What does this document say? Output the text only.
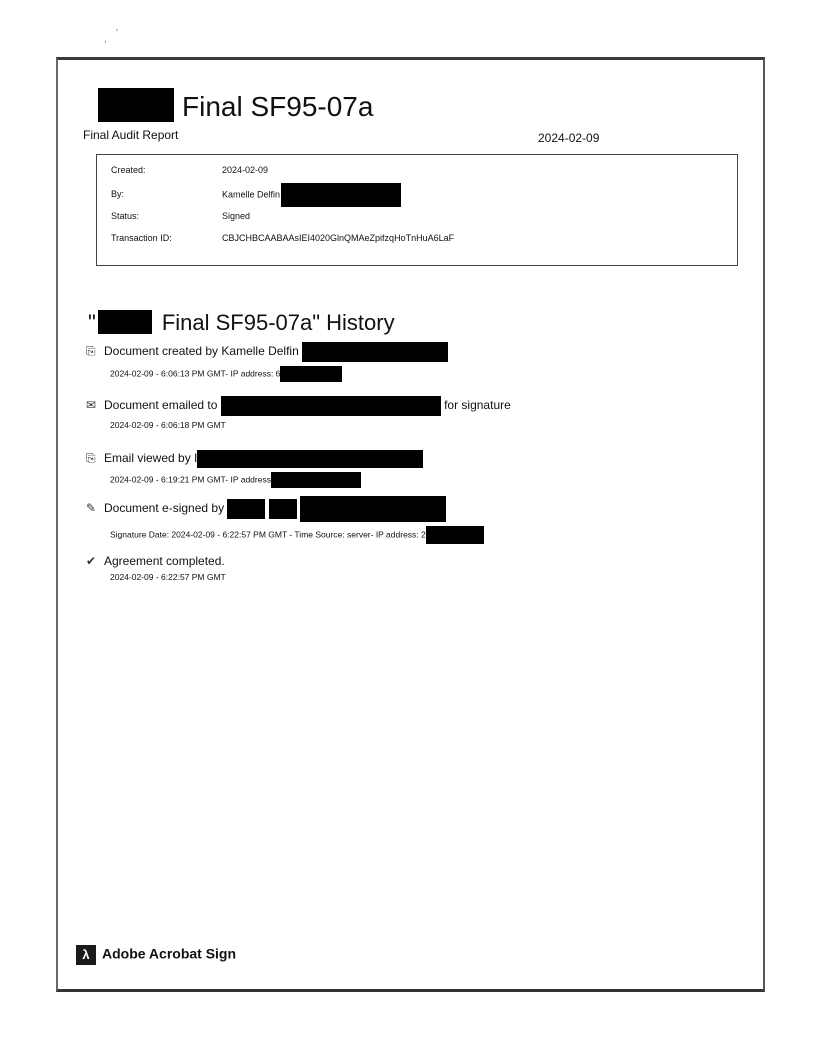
,
'
Final SF95-07a
Final Audit Report	2024-02-09
Created:	2024-02-09
By:	Kamelle Delfin
Status:	Signed
Transaction ID:	CBJCHBCAABAAsIEI4020GlnQMAeZpifzqHoTnHuA6LaF
"	Final SF95-07a" History
⎘ Document created by Kamelle Delfin
2024-02-09 - 6:06:13 PM GMT- IP address: 6
✉ Document emailed to	for signature
2024-02-09 - 6:06:18 PM GMT
⎘ Email viewed by I
2024-02-09 - 6:19:21 PM GMT- IP address
✎ Document e-signed by
Signature Date: 2024-02-09 - 6:22:57 PM GMT - Time Source: server- IP address: 2
✔ Agreement completed.
2024-02-09 - 6:22:57 PM GMT
λ Adobe Acrobat Sign
